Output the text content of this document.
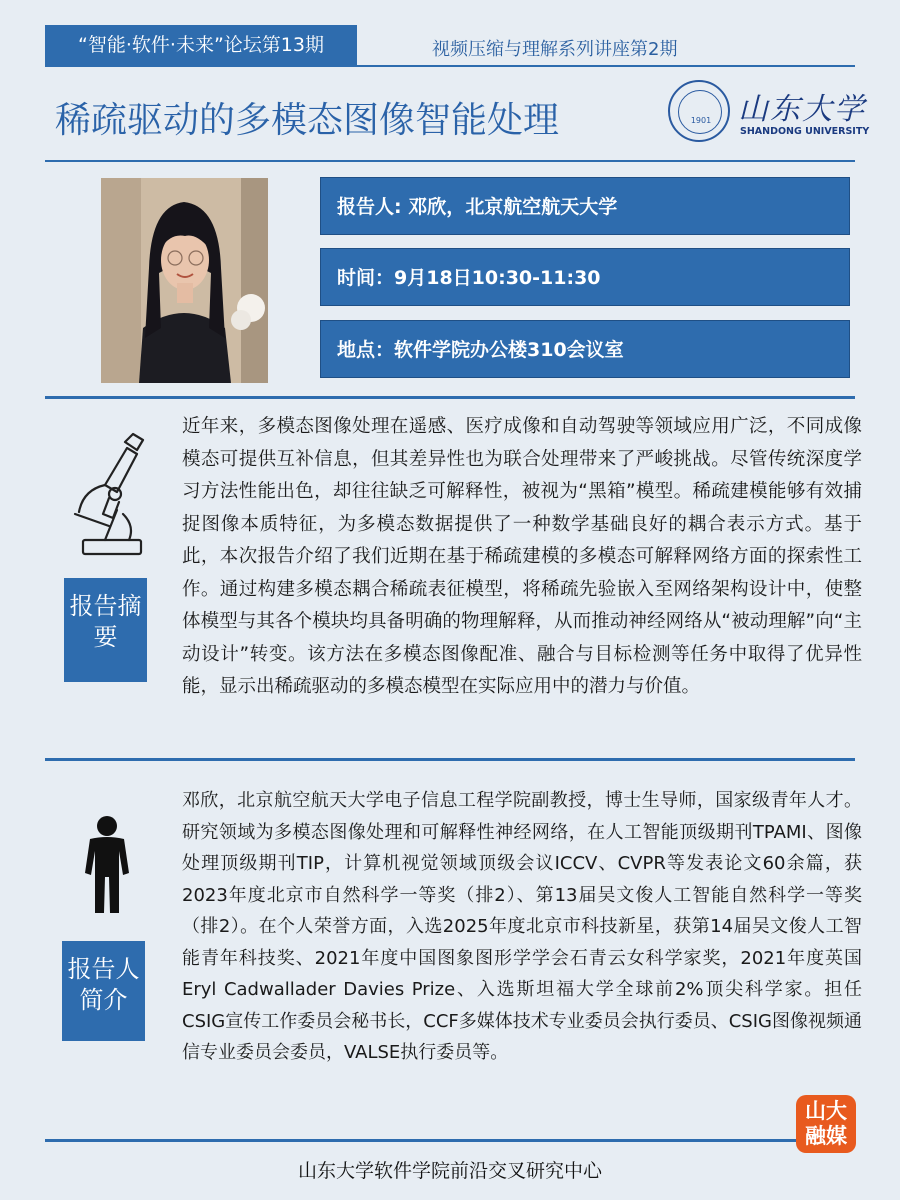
“智能·软件·未来”论坛第13期	视频压缩与理解系列讲座第2期
稀疏驱动的多模态图像智能处理	1901 山东大学
SHANDONG UNIVERSITY
报告人: 邓欣，北京航空航天大学
时间：9月18日10:30-11:30
地点：软件学院办公楼310会议室
报告摘要
近年来，多模态图像处理在遥感、医疗成像和自动驾驶等领域应用广泛，不同成像模态可提供互补信息，但其差异性也为联合处理带来了严峻挑战。尽管传统深度学习方法性能出色，却往往缺乏可解释性，被视为“黑箱”模型。稀疏建模能够有效捕捉图像本质特征，为多模态数据提供了一种数学基础良好的耦合表示方式。基于此，本次报告介绍了我们近期在基于稀疏建模的多模态可解释网络方面的探索性工作。通过构建多模态耦合稀疏表征模型，将稀疏先验嵌入至网络架构设计中，使整体模型与其各个模块均具备明确的物理解释，从而推动神经网络从“被动理解”向“主动设计”转变。该方法在多模态图像配准、融合与目标检测等任务中取得了优异性能，显示出稀疏驱动的多模态模型在实际应用中的潜力与价值。
报告人简介
邓欣，北京航空航天大学电子信息工程学院副教授，博士生导师，国家级青年人才。研究领域为多模态图像处理和可解释性神经网络，在人工智能顶级期刊TPAMI、图像处理顶级期刊TIP，计算机视觉领域顶级会议ICCV、CVPR等发表论文60余篇，获2023年度北京市自然科学一等奖（排2）、第13届吴文俊人工智能自然科学一等奖（排2）。在个人荣誉方面，入选2025年度北京市科技新星，获第14届吴文俊人工智能青年科技奖、2021年度中国图象图形学学会石青云女科学家奖，2021年度英国 Eryl Cadwallader Davies Prize、入选斯坦福大学全球前2%顶尖科学家。担任CSIG宣传工作委员会秘书长，CCF多媒体技术专业委员会执行委员、CSIG图像视频通信专业委员会委员，VALSE执行委员等。
山东大学软件学院前沿交叉研究中心
山大融媒
